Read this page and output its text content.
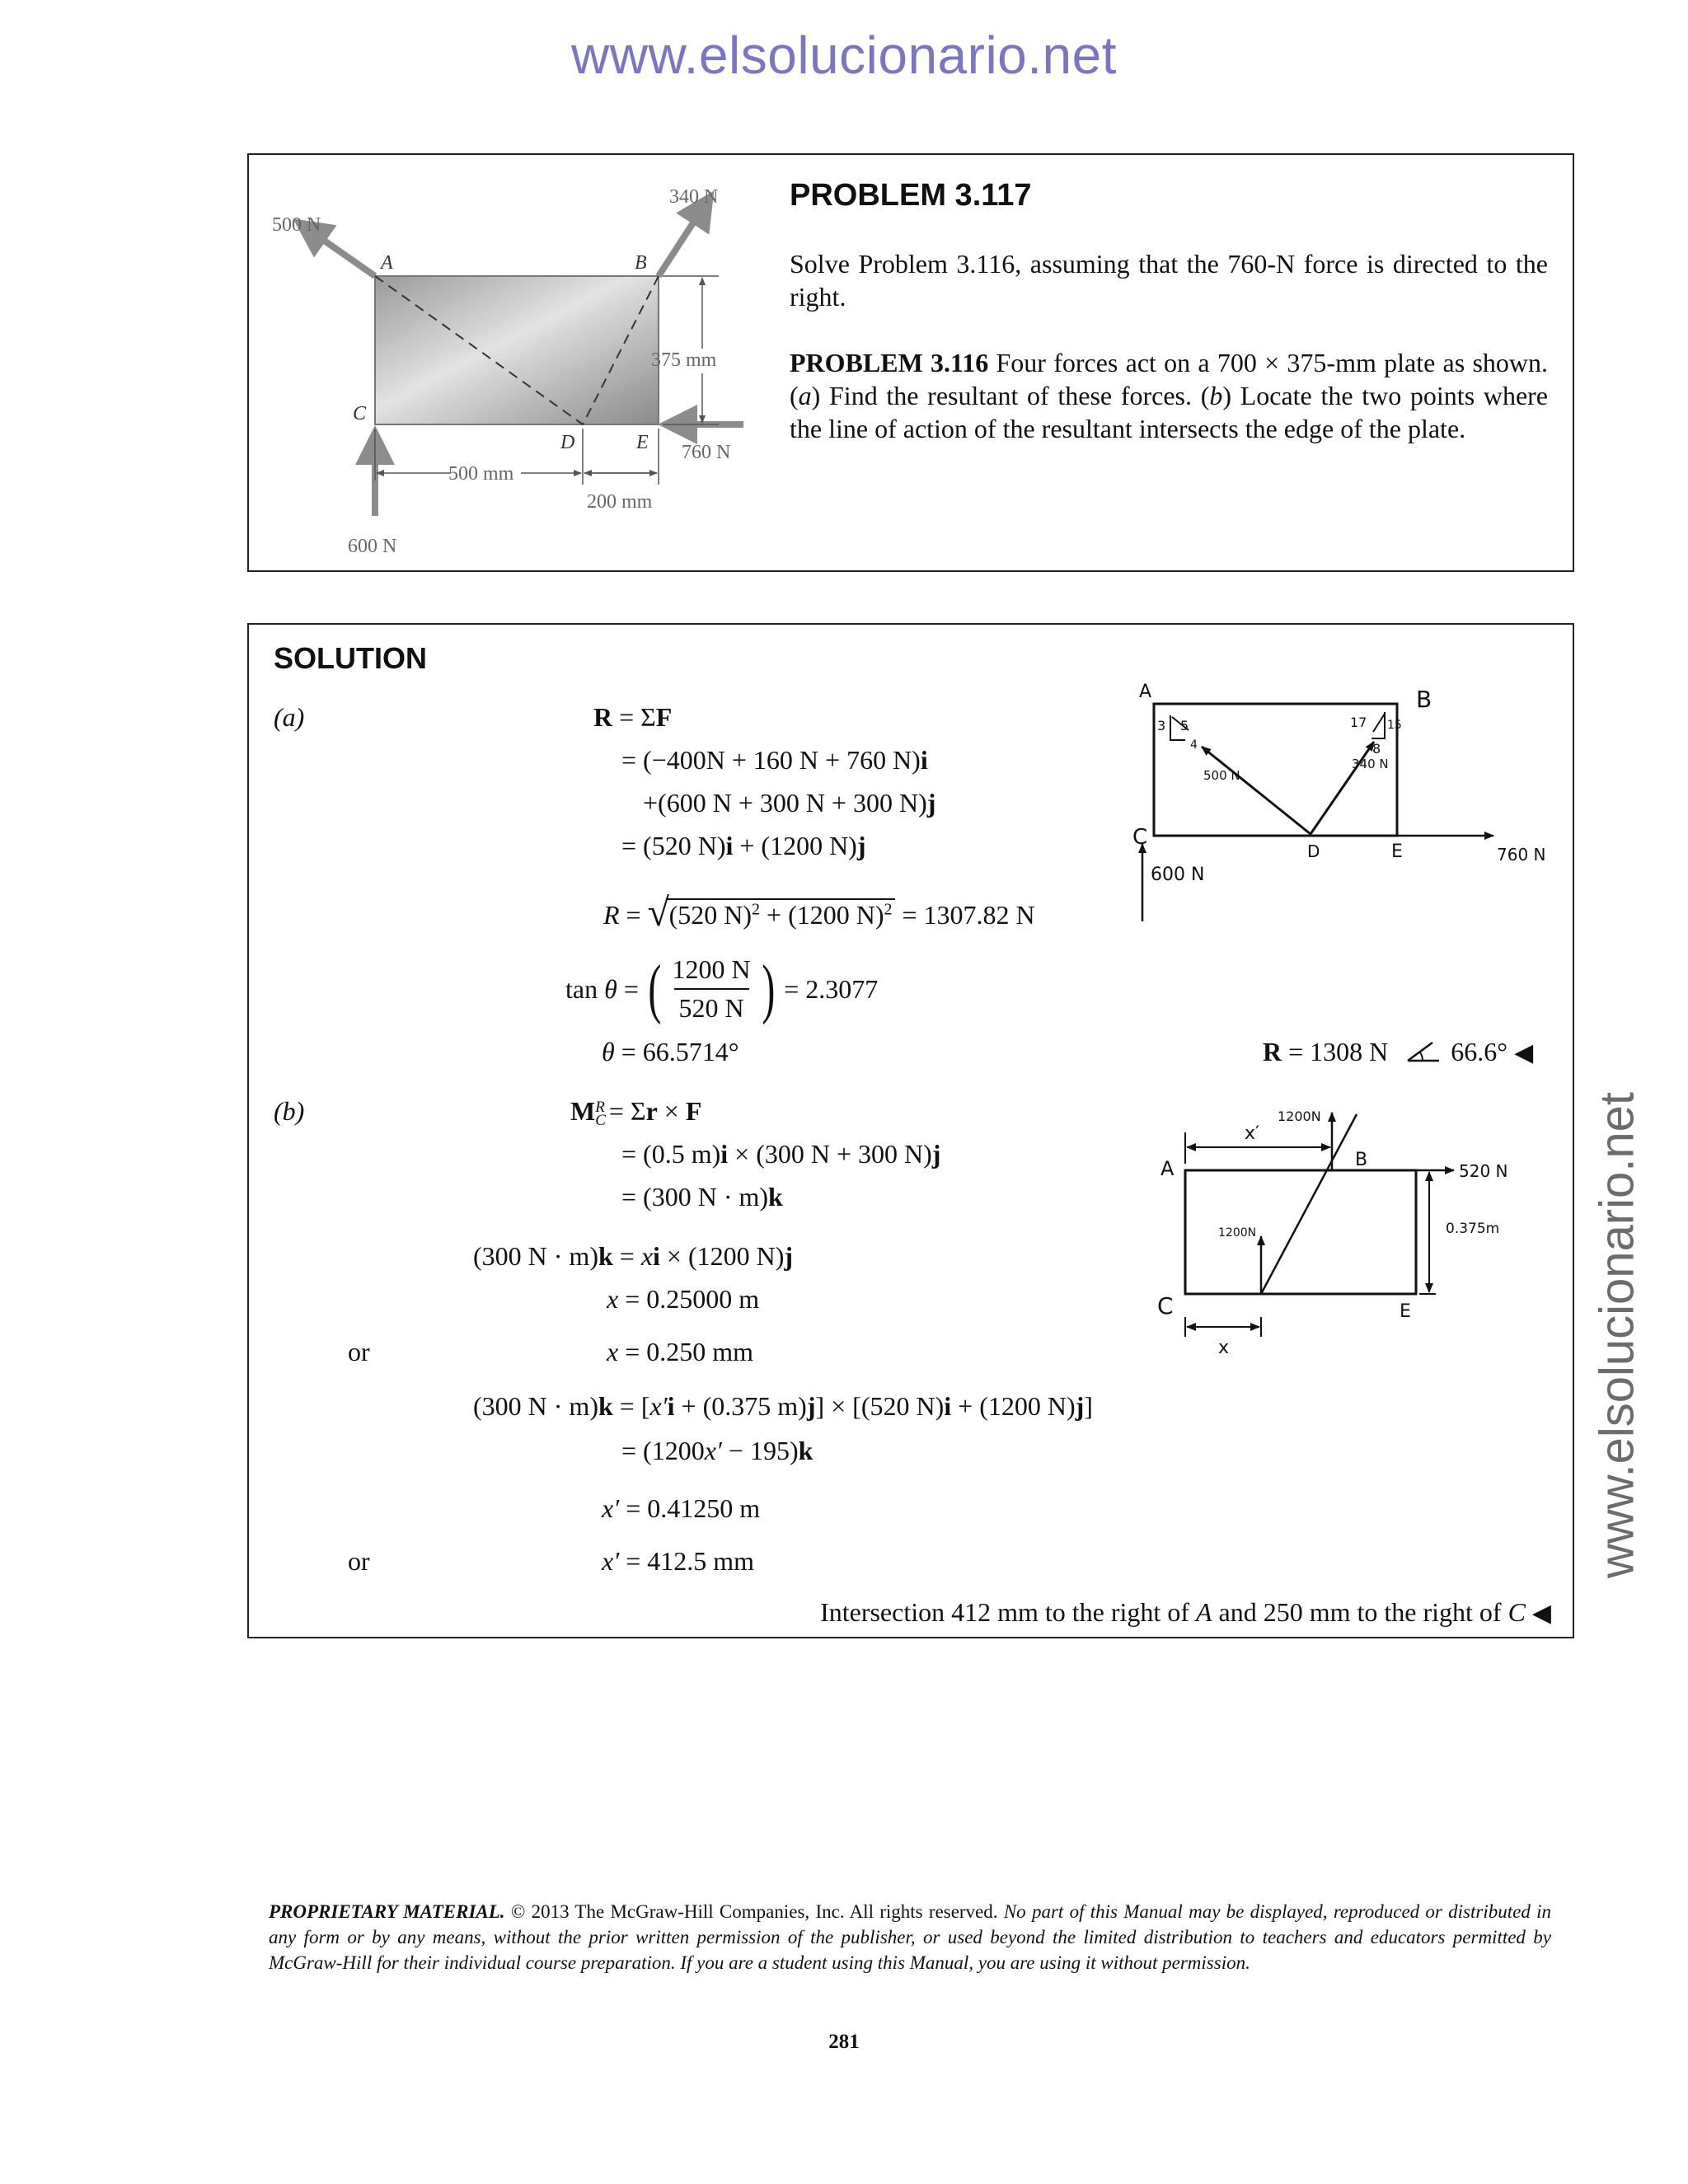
www.elsolucionario.net
www.elsolucionario.net
500 N
340 N
760 N
600 N
375 mm
500 mm
200 mm
A	B
C
D	E
PROBLEM 3.117
Solve Problem 3.116, assuming that the 760-N force is directed to the right.
PROBLEM 3.116 Four forces act on a 700 × 375-mm plate as shown. (a) Find the resultant of these forces. (b) Locate the two points where the line of action of the resultant intersects the edge of the plate.
SOLUTION
(a)	R = ΣF
= (−400N + 160 N + 760 N)i
+(600 N + 300 N + 300 N)j
= (520 N)i + (1200 N)j
R = √ (520 N)$^2$ + (1200 N)$^2$ = 1307.82 N
tan θ = ( $\frac{1200 N}{520 N}$ ) = 2.3077
θ = 66.5714°	R = 1308 N 66.6° ◀
(b)	M R
C = Σr × F
= (0.5 m)i × (300 N + 300 N)j
= (300 N · m)k
(300 N · m)k = xi × (1200 N)j
x = 0.25000 m
or	x = 0.250 mm
(300 N · m)k = [x′i + (0.375 m)j] × [(520 N)i + (1200 N)j]
= (1200x′ − 195)k
x′ = 0.41250 m
or	x′ = 412.5 mm
Intersection 412 mm to the right of A and 250 mm to the right of C ◀
A	B
C
D	E
3 5
4
17 15
8
500 N
340 N
600 N
760 N
A	B
C	E
x′
x
1200N
1200N
520 N
0.375m
PROPRIETARY MATERIAL. © 2013 The McGraw-Hill Companies, Inc. All rights reserved. No part of this Manual may be displayed, reproduced or distributed in any form or by any means, without the prior written permission of the publisher, or used beyond the limited distribution to teachers and educators permitted by McGraw-Hill for their individual course preparation. If you are a student using this Manual, you are using it without permission.
281
